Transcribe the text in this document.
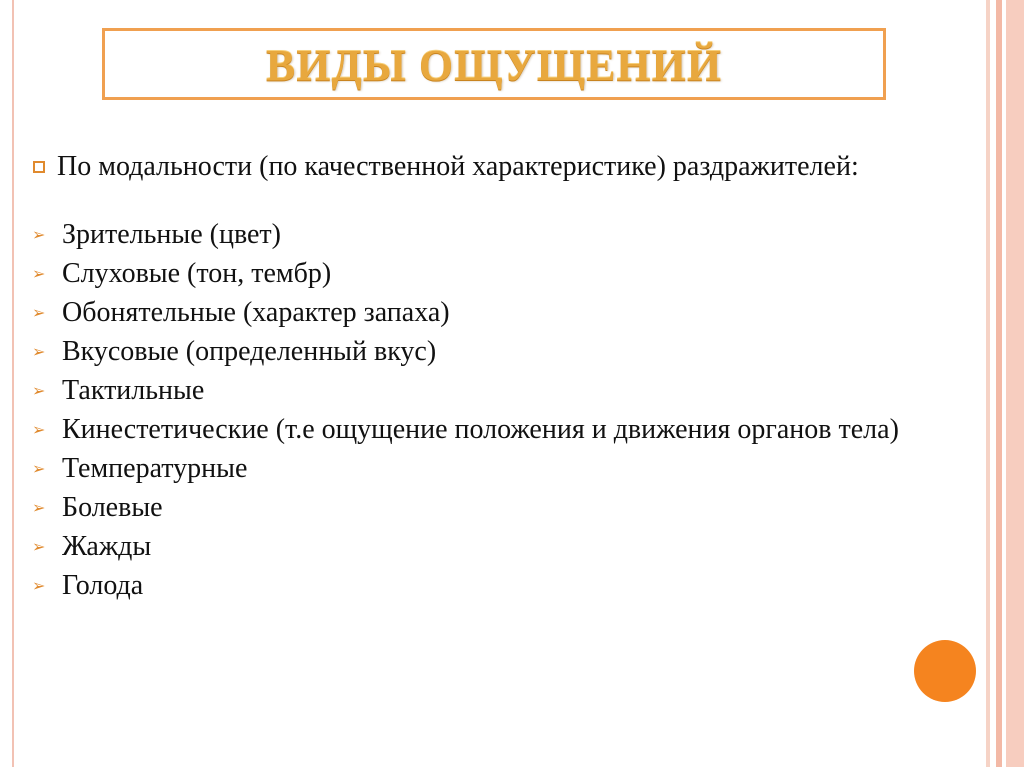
ВИДЫ ОЩУЩЕНИЙ
По модальности (по качественной характеристике) раздражителей:
➢ Зрительные (цвет)
➢ Слуховые (тон, тембр)
➢ Обонятельные (характер запаха)
➢ Вкусовые (определенный вкус)
➢ Тактильные
➢ Кинестетические (т.е ощущение положения и движения органов тела)
➢ Температурные
➢ Болевые
➢ Жажды
➢ Голода
